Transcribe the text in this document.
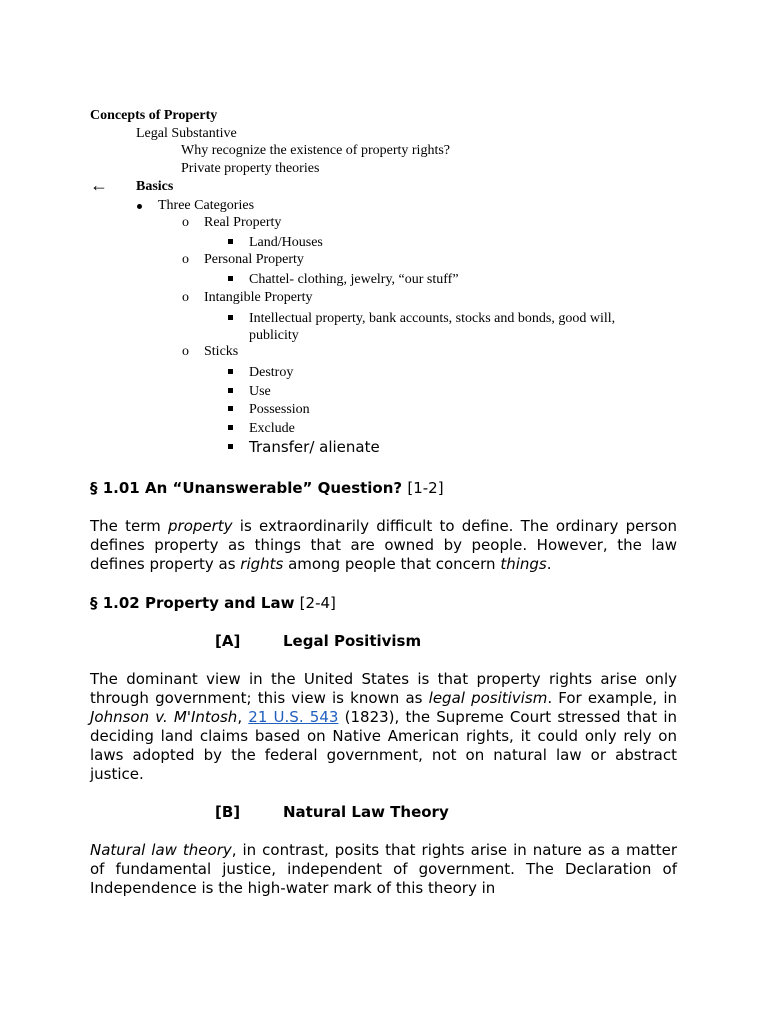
Concepts of Property
Legal Substantive
Why recognize the existence of property rights?
Private property theories
← Basics
Three Categories
o Real Property
Land/Houses
o Personal Property
Chattel- clothing, jewelry, “our stuff”
o Intangible Property
Intellectual property, bank accounts, stocks and bonds, good will,
publicity
o Sticks
Destroy
Use
Possession
Exclude
Transfer/ alienate
§ 1.01 An “Unanswerable” Question? [1-2]
The term property is extraordinarily difficult to define. The ordinary person defines property as things that are owned by people. However, the law defines property as rights among people that concern things.
§ 1.02 Property and Law [2-4]
[A]	Legal Positivism
The dominant view in the United States is that property rights arise only through government; this view is known as legal positivism. For example, in Johnson v. M'Intosh, 21 U.S. 543 (1823), the Supreme Court stressed that in deciding land claims based on Native American rights, it could only rely on laws adopted by the federal government, not on natural law or abstract justice.
[B]	Natural Law Theory
Natural law theory, in contrast, posits that rights arise in nature as a matter of fundamental justice, independent of government. The Declaration of Independence is the high-water mark of this theory in
